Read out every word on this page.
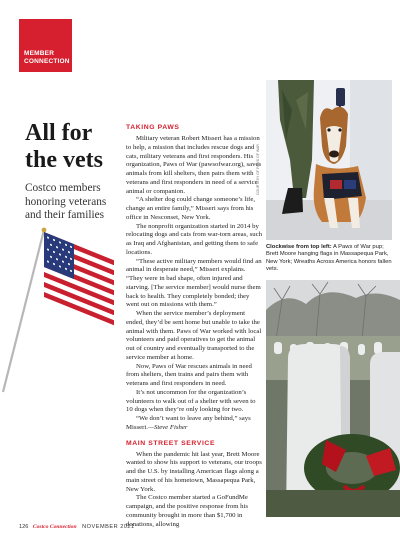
MEMBER
CONNECTION
All for
the vets
Costco members
honoring veterans
and their families
TAKING PAWS

Military veteran Robert Misseri has a mission to help, a mission that includes rescue dogs and cats, military veterans and first responders. His organization, Paws of War (pawsofwar.org), saves animals from kill shelters, then pairs them with veterans and first responders in need of a service animal or companion.

“A shelter dog could change someone’s life, change an entire family,” Misseri says from his office in Nesconset, New York.

The nonprofit organization started in 2014 by relocating dogs and cats from war-torn areas, such as Iraq and Afghanistan, and getting them to safe locations.

“These active military members would find an animal in desperate need,” Misseri explains. “They were in bad shape, often injured and starving. [The service member] would nurse them back to health. They completely bonded; they went out on missions with them.”

When the service member’s deployment ended, they’d be sent home but unable to take the animal with them. Paws of War worked with local volunteers and paid operatives to get the animal out of country and eventually transported to the service member at home.

Now, Paws of War rescues animals in need from shelters, then trains and pairs them with veterans and first responders in need.

It’s not uncommon for the organization’s volunteers to walk out of a shelter with seven to 10 dogs when they’re only looking for two.

“We don’t want to leave any behind,” says Misseri.—Steve Fisher

MAIN STREET SERVICE

When the pandemic hit last year, Brett Moore wanted to show his support to veterans, our troops and the U.S. by installing American flags along a main street of his hometown, Massapequa Park, New York.

The Costco member started a GoFundMe campaign, and the positive response from his community brought in more than $1,700 in donations, allowing

COURTESY OF PAWS OF WAR
Clockwise from top left: A Paws of War pup; Brett Moore hanging flags in Massapequa Park, New York; Wreaths Across America honors fallen vets.
126 Costco Connection NOVEMBER 2021
